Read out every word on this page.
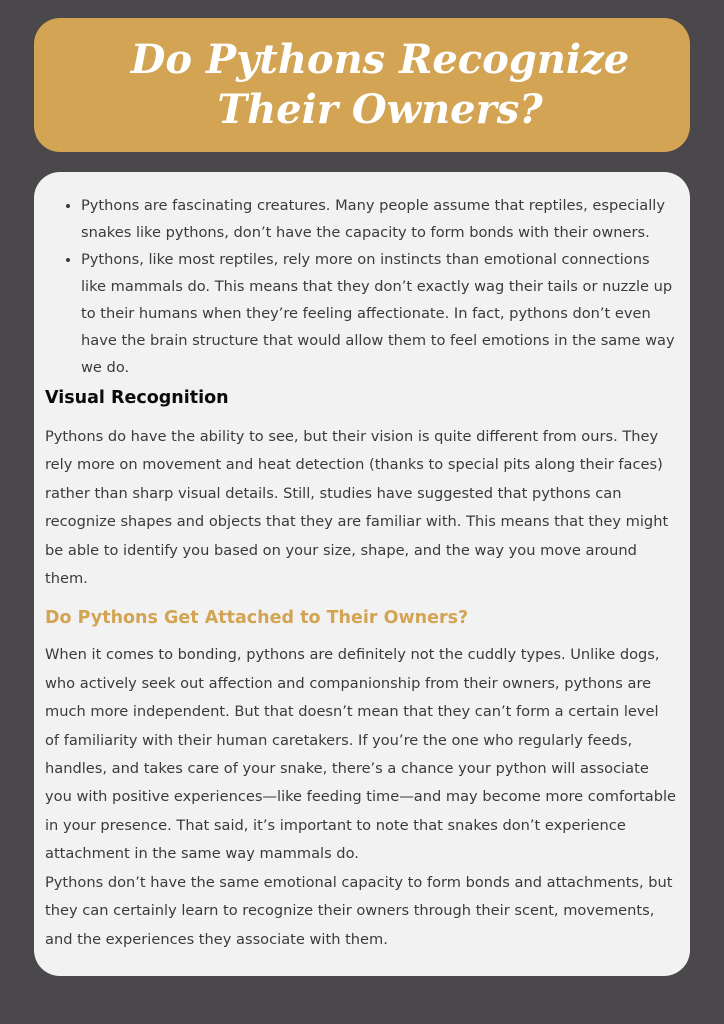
Do Pythons Recognize Their Owners?
• Pythons are fascinating creatures. Many people assume that reptiles, especially snakes like pythons, don’t have the capacity to form bonds with their owners.
• Pythons, like most reptiles, rely more on instincts than emotional connections like mammals do. This means that they don’t exactly wag their tails or nuzzle up to their humans when they’re feeling affectionate. In fact, pythons don’t even have the brain structure that would allow them to feel emotions in the same way we do.
Visual Recognition

Pythons do have the ability to see, but their vision is quite different from ours. They rely more on movement and heat detection (thanks to special pits along their faces) rather than sharp visual details. Still, studies have suggested that pythons can recognize shapes and objects that they are familiar with. This means that they might be able to identify you based on your size, shape, and the way you move around them.

Do Pythons Get Attached to Their Owners?

When it comes to bonding, pythons are definitely not the cuddly types. Unlike dogs, who actively seek out affection and companionship from their owners, pythons are much more independent. But that doesn’t mean that they can’t form a certain level of familiarity with their human caretakers. If you’re the one who regularly feeds, handles, and takes care of your snake, there’s a chance your python will associate you with positive experiences—like feeding time—and may become more comfortable in your presence. That said, it’s important to note that snakes don’t experience attachment in the same way mammals do.

Pythons don’t have the same emotional capacity to form bonds and attachments, but they can certainly learn to recognize their owners through their scent, movements, and the experiences they associate with them.
